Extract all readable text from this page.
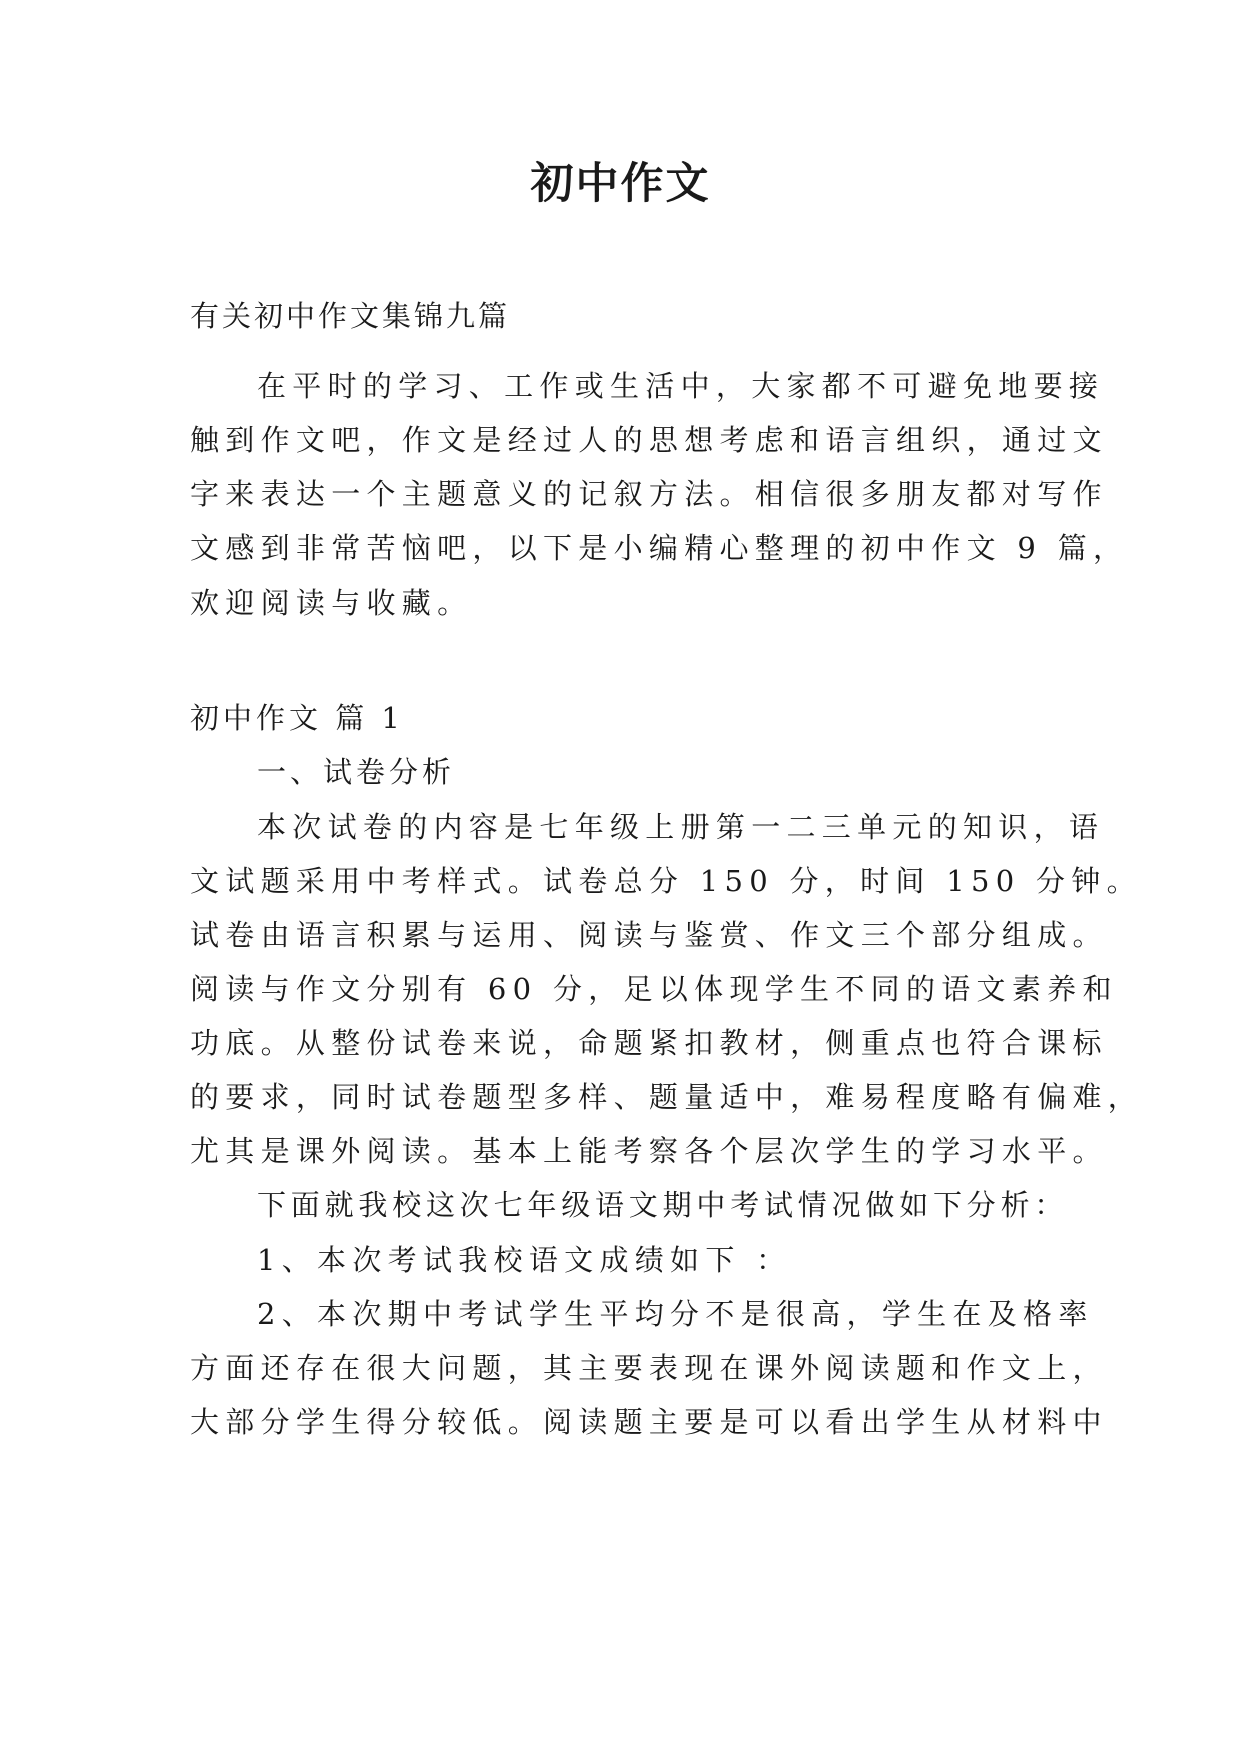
初中作文

有关初中作文集锦九篇

在平时的学习、工作或生活中，大家都不可避免地要接

触到作文吧，作文是经过人的思想考虑和语言组织，通过文

字来表达一个主题意义的记叙方法。相信很多朋友都对写作

文感到非常苦恼吧，以下是小编精心整理的初中作文 9 篇，

欢迎阅读与收藏。

初中作文 篇 1

一、试卷分析

本次试卷的内容是七年级上册第一二三单元的知识，语

文试题采用中考样式。试卷总分 150 分，时间 150 分钟。

试卷由语言积累与运用、阅读与鉴赏、作文三个部分组成。

阅读与作文分别有 60 分，足以体现学生不同的语文素养和

功底。从整份试卷来说，命题紧扣教材，侧重点也符合课标

的要求，同时试卷题型多样、题量适中，难易程度略有偏难，

尤其是课外阅读。基本上能考察各个层次学生的学习水平。

下面就我校这次七年级语文期中考试情况做如下分析：

1、本次考试我校语文成绩如下 ：

2、本次期中考试学生平均分不是很高，学生在及格率

方面还存在很大问题，其主要表现在课外阅读题和作文上，

大部分学生得分较低。阅读题主要是可以看出学生从材料中
